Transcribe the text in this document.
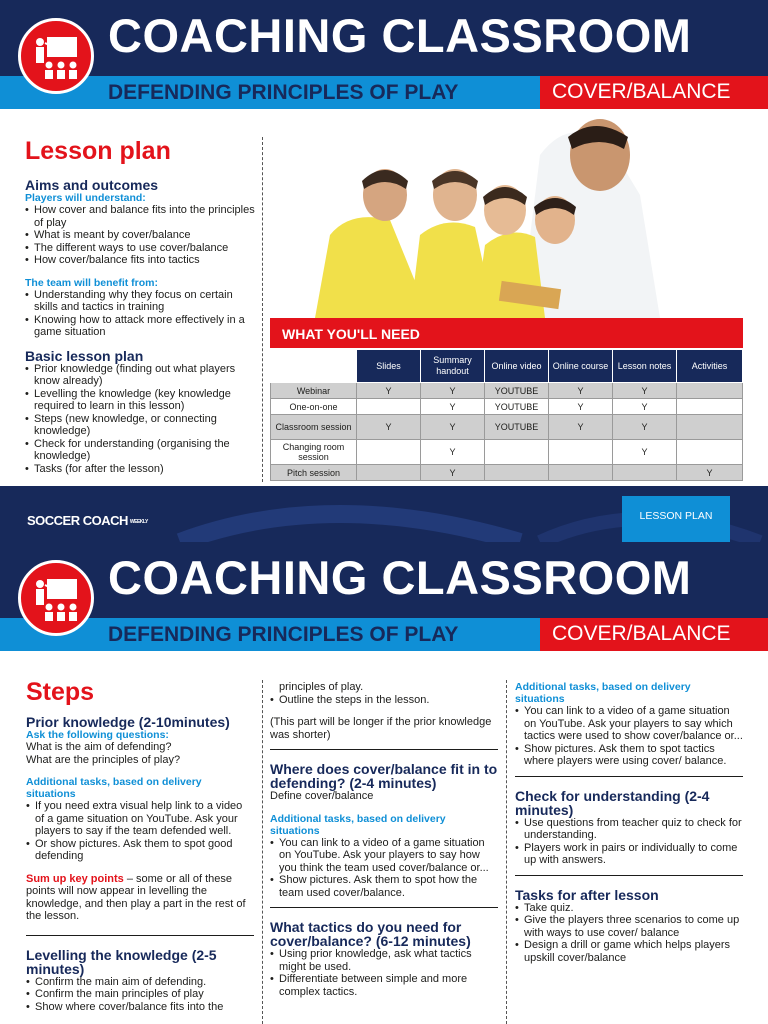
COACHING CLASSROOM
DEFENDING PRINCIPLES OF PLAY	COVER/BALANCE
Lesson plan
Aims and outcomes
Players will understand:
• How cover and balance fits into the principles of play
• What is meant by cover/balance
• The different ways to use cover/balance
• How cover/balance fits into tactics
The team will benefit from:
• Understanding why they focus on certain skills and tactics in training
• Knowing how to attack more effectively in a game situation
Basic lesson plan
• Prior knowledge (finding out what players know already)
• Levelling the knowledge (key knowledge required to learn in this lesson)
• Steps (new knowledge, or connecting knowledge)
• Check for understanding (organising the knowledge)
• Tasks (for after the lesson)
WHAT YOU'LL NEED
	Slides	Summary handout	Online video	Online course	Lesson notes	Activities
Webinar	Y	Y	YOUTUBE	Y	Y	
One-on-one		Y	YOUTUBE	Y	Y	
Classroom session	Y	Y	YOUTUBE	Y	Y	
Changing room session		Y			Y	
Pitch session		Y				Y
SOCCER COACH WEEKLY	LESSON PLAN
COACHING CLASSROOM
DEFENDING PRINCIPLES OF PLAY	COVER/BALANCE
Steps
Prior knowledge (2-10minutes)
Ask the following questions:
What is the aim of defending?
What are the principles of play?
Additional tasks, based on delivery situations
• If you need extra visual help link to a video of a game situation on YouTube. Ask your players to say if the team defended well.
• Or show pictures. Ask them to spot good defending
Sum up key points – some or all of these points will now appear in levelling the knowledge, and then play a part in the rest of the lesson.
Levelling the knowledge (2-5 minutes)
• Confirm the main aim of defending.
• Confirm the main principles of play
• Show where cover/balance fits into the
principles of play.
• Outline the steps in the lesson.
(This part will be longer if the prior knowledge was shorter)
Where does cover/balance fit in to defending? (2-4 minutes)
Define cover/balance
Additional tasks, based on delivery situations
• You can link to a video of a game situation on YouTube. Ask your players to say how you think the team used cover/balance or...
• Show pictures. Ask them to spot how the team used cover/balance.
What tactics do you need for cover/balance? (6-12 minutes)
• Using prior knowledge, ask what tactics might be used.
• Differentiate between simple and more complex tactics.
Additional tasks, based on delivery situations
• You can link to a video of a game situation on YouTube. Ask your players to say which tactics were used to show cover/balance or...
• Show pictures. Ask them to spot tactics where players were using cover/ balance.
Check for understanding (2-4 minutes)
• Use questions from teacher quiz to check for understanding.
• Players work in pairs or individually to come up with answers.
Tasks for after lesson
• Take quiz.
• Give the players three scenarios to come up with ways to use cover/ balance
• Design a drill or game which helps players upskill cover/balance
